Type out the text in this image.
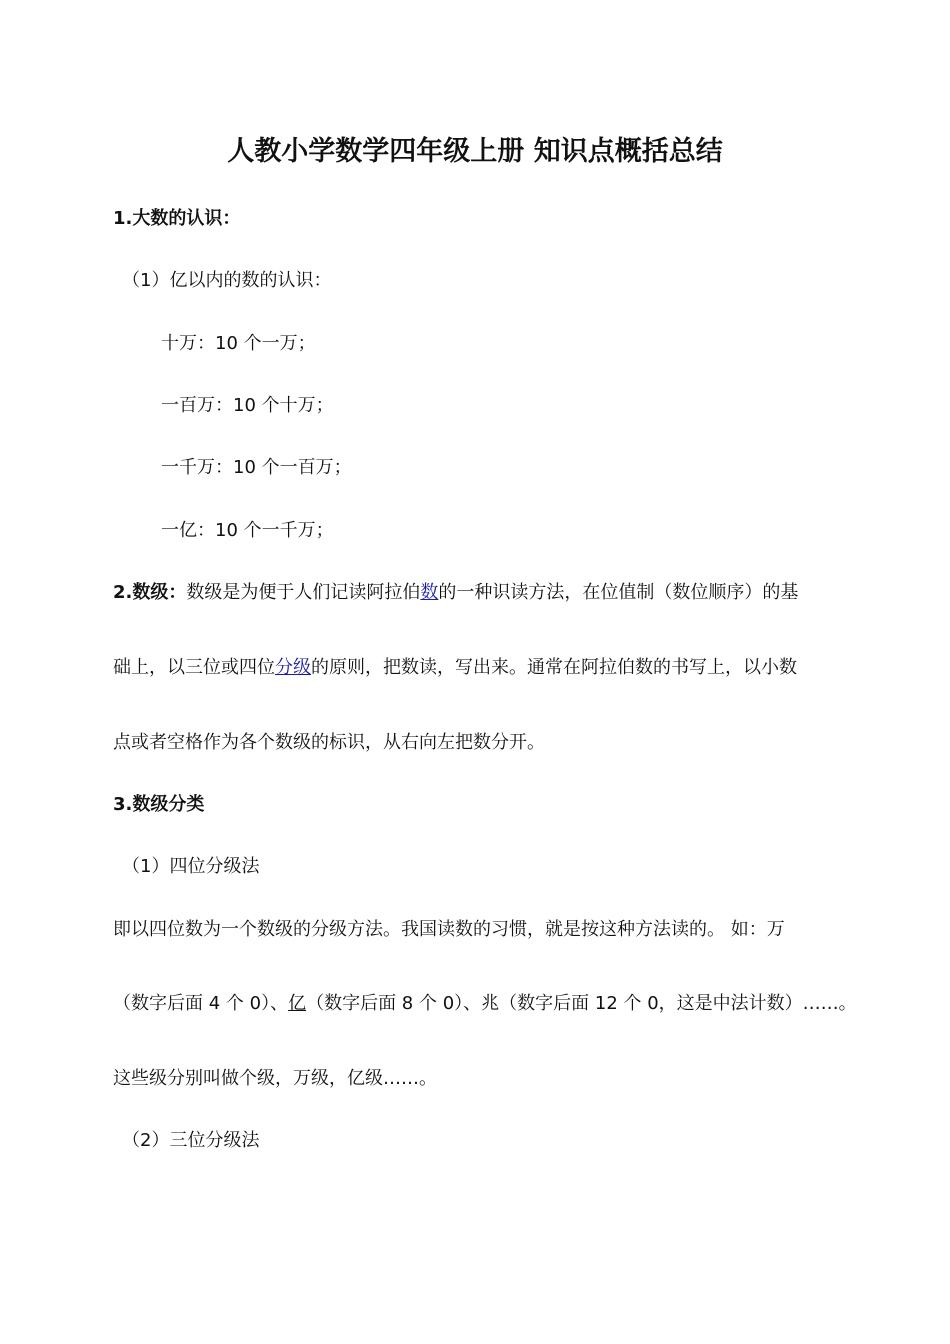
人教小学数学四年级上册 知识点概括总结
1.大数的认识：
（1）亿以内的数的认识：
十万：10 个一万；
一百万：10 个十万；
一千万：10 个一百万；
一亿：10 个一千万；
2.数级：数级是为便于人们记读阿拉伯数的一种识读方法，在位值制（数位顺序）的基
础上，以三位或四位分级的原则，把数读，写出来。通常在阿拉伯数的书写上，以小数
点或者空格作为各个数级的标识，从右向左把数分开。
3.数级分类
（1）四位分级法
即以四位数为一个数级的分级方法。我国读数的习惯，就是按这种方法读的。 如：万
（数字后面 4 个 0）、亿（数字后面 8 个 0）、兆（数字后面 12 个 0，这是中法计数）……。
这些级分别叫做个级，万级，亿级……。
（2）三位分级法
